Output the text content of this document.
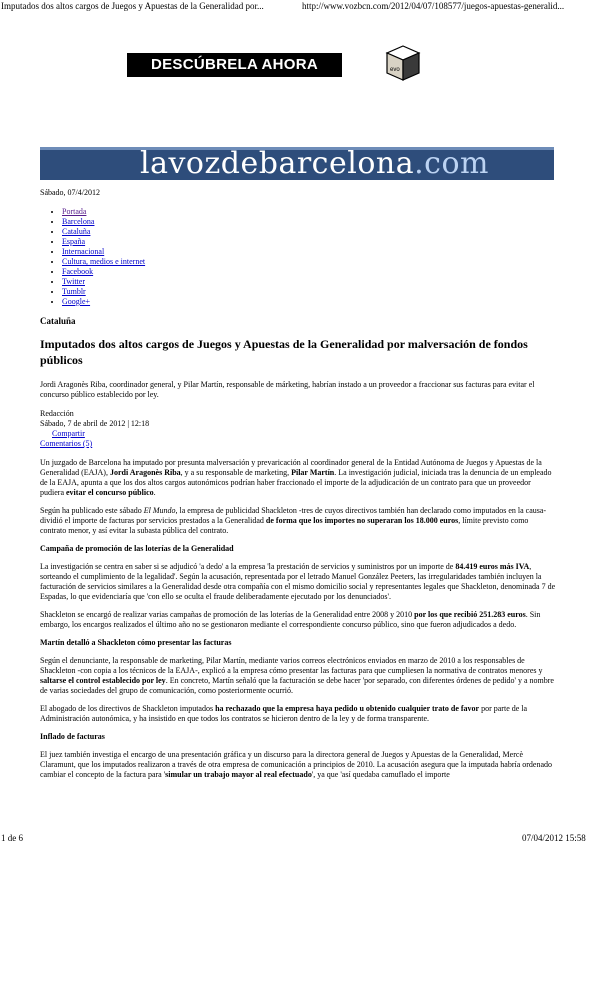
Imputados dos altos cargos de Juegos y Apuestas de la Generalidad por...	http://www.vozbcn.com/2012/04/07/108577/juegos-apuestas-generalid...
DESCÚBRELA AHORA	evo
lavozdebarcelona.com
Sábado, 07/4/2012
• Portada
• Barcelona
• Cataluña
• España
• Internacional
• Cultura, medios e internet
• Facebook
• Twitter
• Tumblr
• Google+
Cataluña
Imputados dos altos cargos de Juegos y Apuestas de la Generalidad por malversación de fondos públicos
Jordi Aragonès Riba, coordinador general, y Pilar Martín, responsable de márketing, habrían instado a un proveedor a fraccionar sus facturas para evitar el concurso público establecido por ley.
Redacción
Sábado, 7 de abril de 2012 | 12:18
Compartir
Comentarios (5)

Un juzgado de Barcelona ha imputado por presunta malversación y prevaricación al coordinador general de la Entidad Autónoma de Juegos y Apuestas de la Generalidad (EAJA), Jordi Aragonès Riba, y a su responsable de marketing, Pilar Martín. La investigación judicial, iniciada tras la denuncia de un empleado de la EAJA, apunta a que los dos altos cargos autonómicos podrían haber fraccionado el importe de la adjudicación de un contrato para que un proveedor pudiera evitar el concurso público.

Según ha publicado este sábado El Mundo, la empresa de publicidad Shackleton -tres de cuyos directivos también han declarado como imputados en la causa- dividió el importe de facturas por servicios prestados a la Generalidad de forma que los importes no superaran los 18.000 euros, límite previsto como contrato menor, y así evitar la subasta pública del contrato.

Campaña de promoción de las loterías de la Generalidad

La investigación se centra en saber si se adjudicó 'a dedo' a la empresa 'la prestación de servicios y suministros por un importe de 84.419 euros más IVA, sorteando el cumplimiento de la legalidad'. Según la acusación, representada por el letrado Manuel González Peeters, las irregularidades también incluyen la facturación de servicios similares a la Generalidad desde otra compañía con el mismo domicilio social y representantes legales que Shackleton, denominada 7 de Espadas, lo que evidenciaría que 'con ello se oculta el fraude deliberadamente ejecutado por los denunciados'.

Shackleton se encargó de realizar varias campañas de promoción de las loterías de la Generalidad entre 2008 y 2010 por los que recibió 251.283 euros. Sin embargo, los encargos realizados el último año no se gestionaron mediante el correspondiente concurso público, sino que fueron adjudicados a dedo.

Martín detalló a Shackleton cómo presentar las facturas

Según el denunciante, la responsable de marketing, Pilar Martín, mediante varios correos electrónicos enviados en marzo de 2010 a los responsables de Shackleton -con copia a los técnicos de la EAJA-, explicó a la empresa cómo presentar las facturas para que cumpliesen la normativa de contratos menores y saltarse el control establecido por ley. En concreto, Martín señaló que la facturación se debe hacer 'por separado, con diferentes órdenes de pedido' y a nombre de varias sociedades del grupo de comunicación, como posteriormente ocurrió.

El abogado de los directivos de Shackleton imputados ha rechazado que la empresa haya pedido u obtenido cualquier trato de favor por parte de la Administración autonómica, y ha insistido en que todos los contratos se hicieron dentro de la ley y de forma transparente.

Inflado de facturas

El juez también investiga el encargo de una presentación gráfica y un discurso para la directora general de Juegos y Apuestas de la Generalidad, Mercè Claramunt, que los imputados realizaron a través de otra empresa de comunicación a principios de 2010. La acusación asegura que la imputada habría ordenado cambiar el concepto de la factura para 'simular un trabajo mayor al real efectuado', ya que 'así quedaba camuflado el importe

1 de 6	07/04/2012 15:58
